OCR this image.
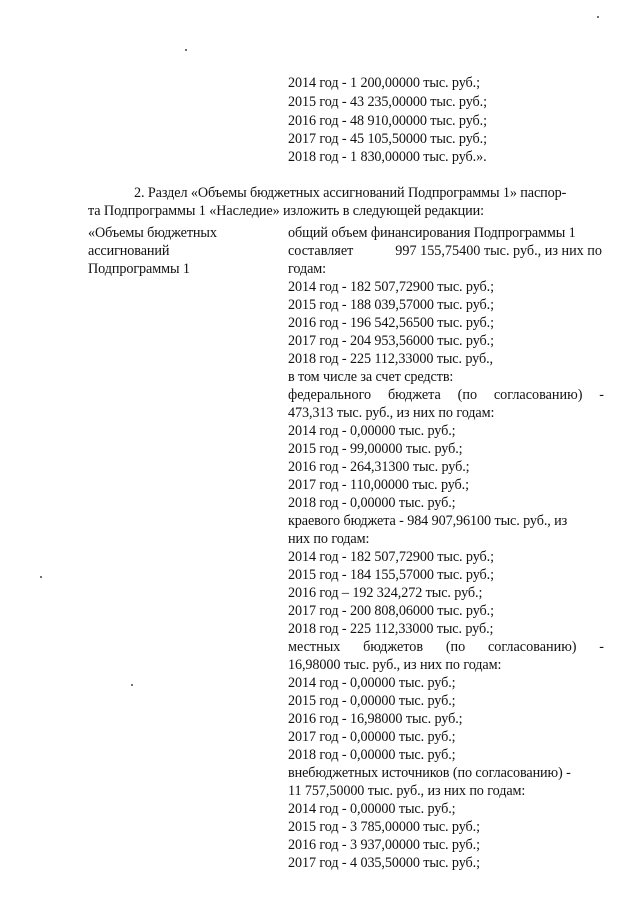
2014 год - 1 200,00000 тыс. руб.;
2015 год - 43 235,00000 тыс. руб.;
2016 год - 48 910,00000 тыс. руб.;
2017 год - 45 105,50000 тыс. руб.;
2018 год - 1 830,00000 тыс. руб.».
2. Раздел «Объемы бюджетных ассигнований Подпрограммы 1» паспор-
та Подпрограммы 1 «Наследие» изложить в следующей редакции:
«Объемы бюджетных
ассигнований
Подпрограммы 1
общий объем финансирования Подпрограммы 1
составляет	997 155,75400 тыс. руб., из них по
годам:
2014 год - 182 507,72900 тыс. руб.;
2015 год - 188 039,57000 тыс. руб.;
2016 год - 196 542,56500 тыс. руб.;
2017 год - 204 953,56000 тыс. руб.;
2018 год - 225 112,33000 тыс. руб.,
в том числе за счет средств:
федерального бюджета (по согласованию) -
473,313 тыс. руб., из них по годам:
2014 год - 0,00000 тыс. руб.;
2015 год - 99,00000 тыс. руб.;
2016 год - 264,31300 тыс. руб.;
2017 год - 110,00000 тыс. руб.;
2018 год - 0,00000 тыс. руб.;
краевого бюджета - 984 907,96100 тыс. руб., из
них по годам:
2014 год - 182 507,72900 тыс. руб.;
2015 год - 184 155,57000 тыс. руб.;
2016 год – 192 324,272 тыс. руб.;
2017 год - 200 808,06000 тыс. руб.;
2018 год - 225 112,33000 тыс. руб.;
местных бюджетов (по согласованию) -
16,98000 тыс. руб., из них по годам:
2014 год - 0,00000 тыс. руб.;
2015 год - 0,00000 тыс. руб.;
2016 год - 16,98000 тыс. руб.;
2017 год - 0,00000 тыс. руб.;
2018 год - 0,00000 тыс. руб.;
внебюджетных источников (по согласованию) -
11 757,50000 тыс. руб., из них по годам:
2014 год - 0,00000 тыс. руб.;
2015 год - 3 785,00000 тыс. руб.;
2016 год - 3 937,00000 тыс. руб.;
2017 год - 4 035,50000 тыс. руб.;
